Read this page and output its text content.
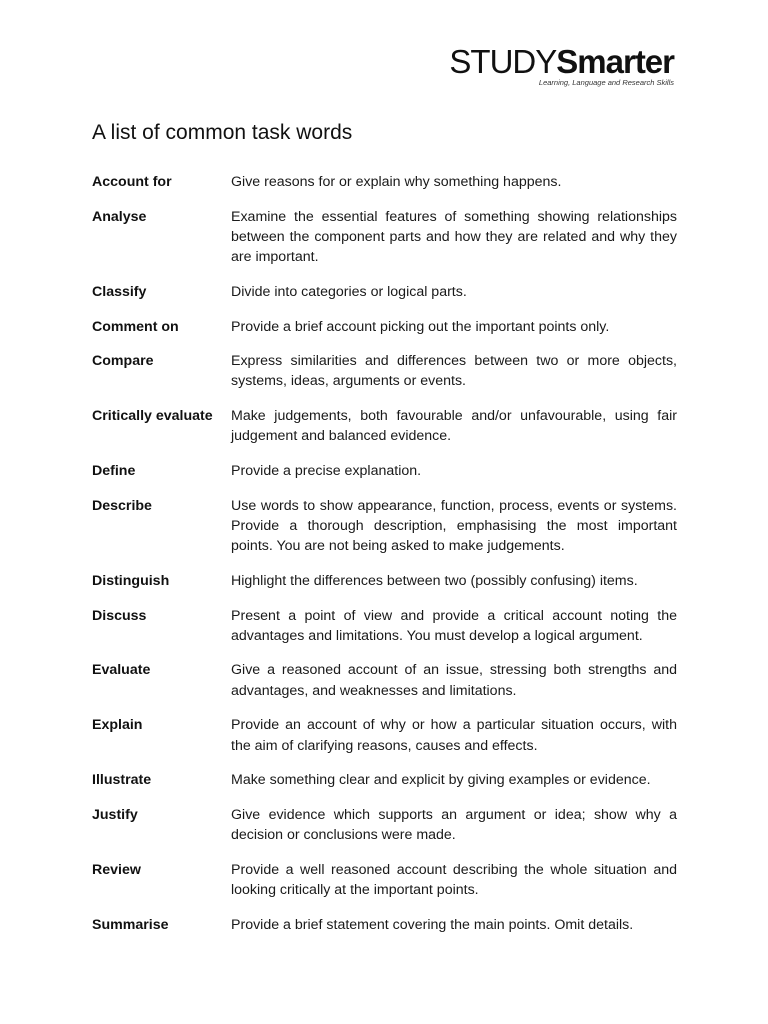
STUDYSmarter
Learning, Language and Research Skills
A list of common task words
Account for	Give reasons for or explain why something happens.
Analyse	Examine the essential features of something showing relationships between the component parts and how they are related and why they are important.
Classify	Divide into categories or logical parts.
Comment on	Provide a brief account picking out the important points only.
Compare	Express similarities and differences between two or more objects, systems, ideas, arguments or events.
Critically evaluate	Make judgements, both favourable and/or unfavourable, using fair judgement and balanced evidence.
Define	Provide a precise explanation.
Describe	Use words to show appearance, function, process, events or systems. Provide a thorough description, emphasising the most important points. You are not being asked to make judgements.
Distinguish	Highlight the differences between two (possibly confusing) items.
Discuss	Present a point of view and provide a critical account noting the advantages and limitations. You must develop a logical argument.
Evaluate	Give a reasoned account of an issue, stressing both strengths and advantages, and weaknesses and limitations.
Explain	Provide an account of why or how a particular situation occurs, with the aim of clarifying reasons, causes and effects.
Illustrate	Make something clear and explicit by giving examples or evidence.
Justify	Give evidence which supports an argument or idea; show why a decision or conclusions were made.
Review	Provide a well reasoned account describing the whole situation and looking critically at the important points.
Summarise	Provide a brief statement covering the main points. Omit details.
